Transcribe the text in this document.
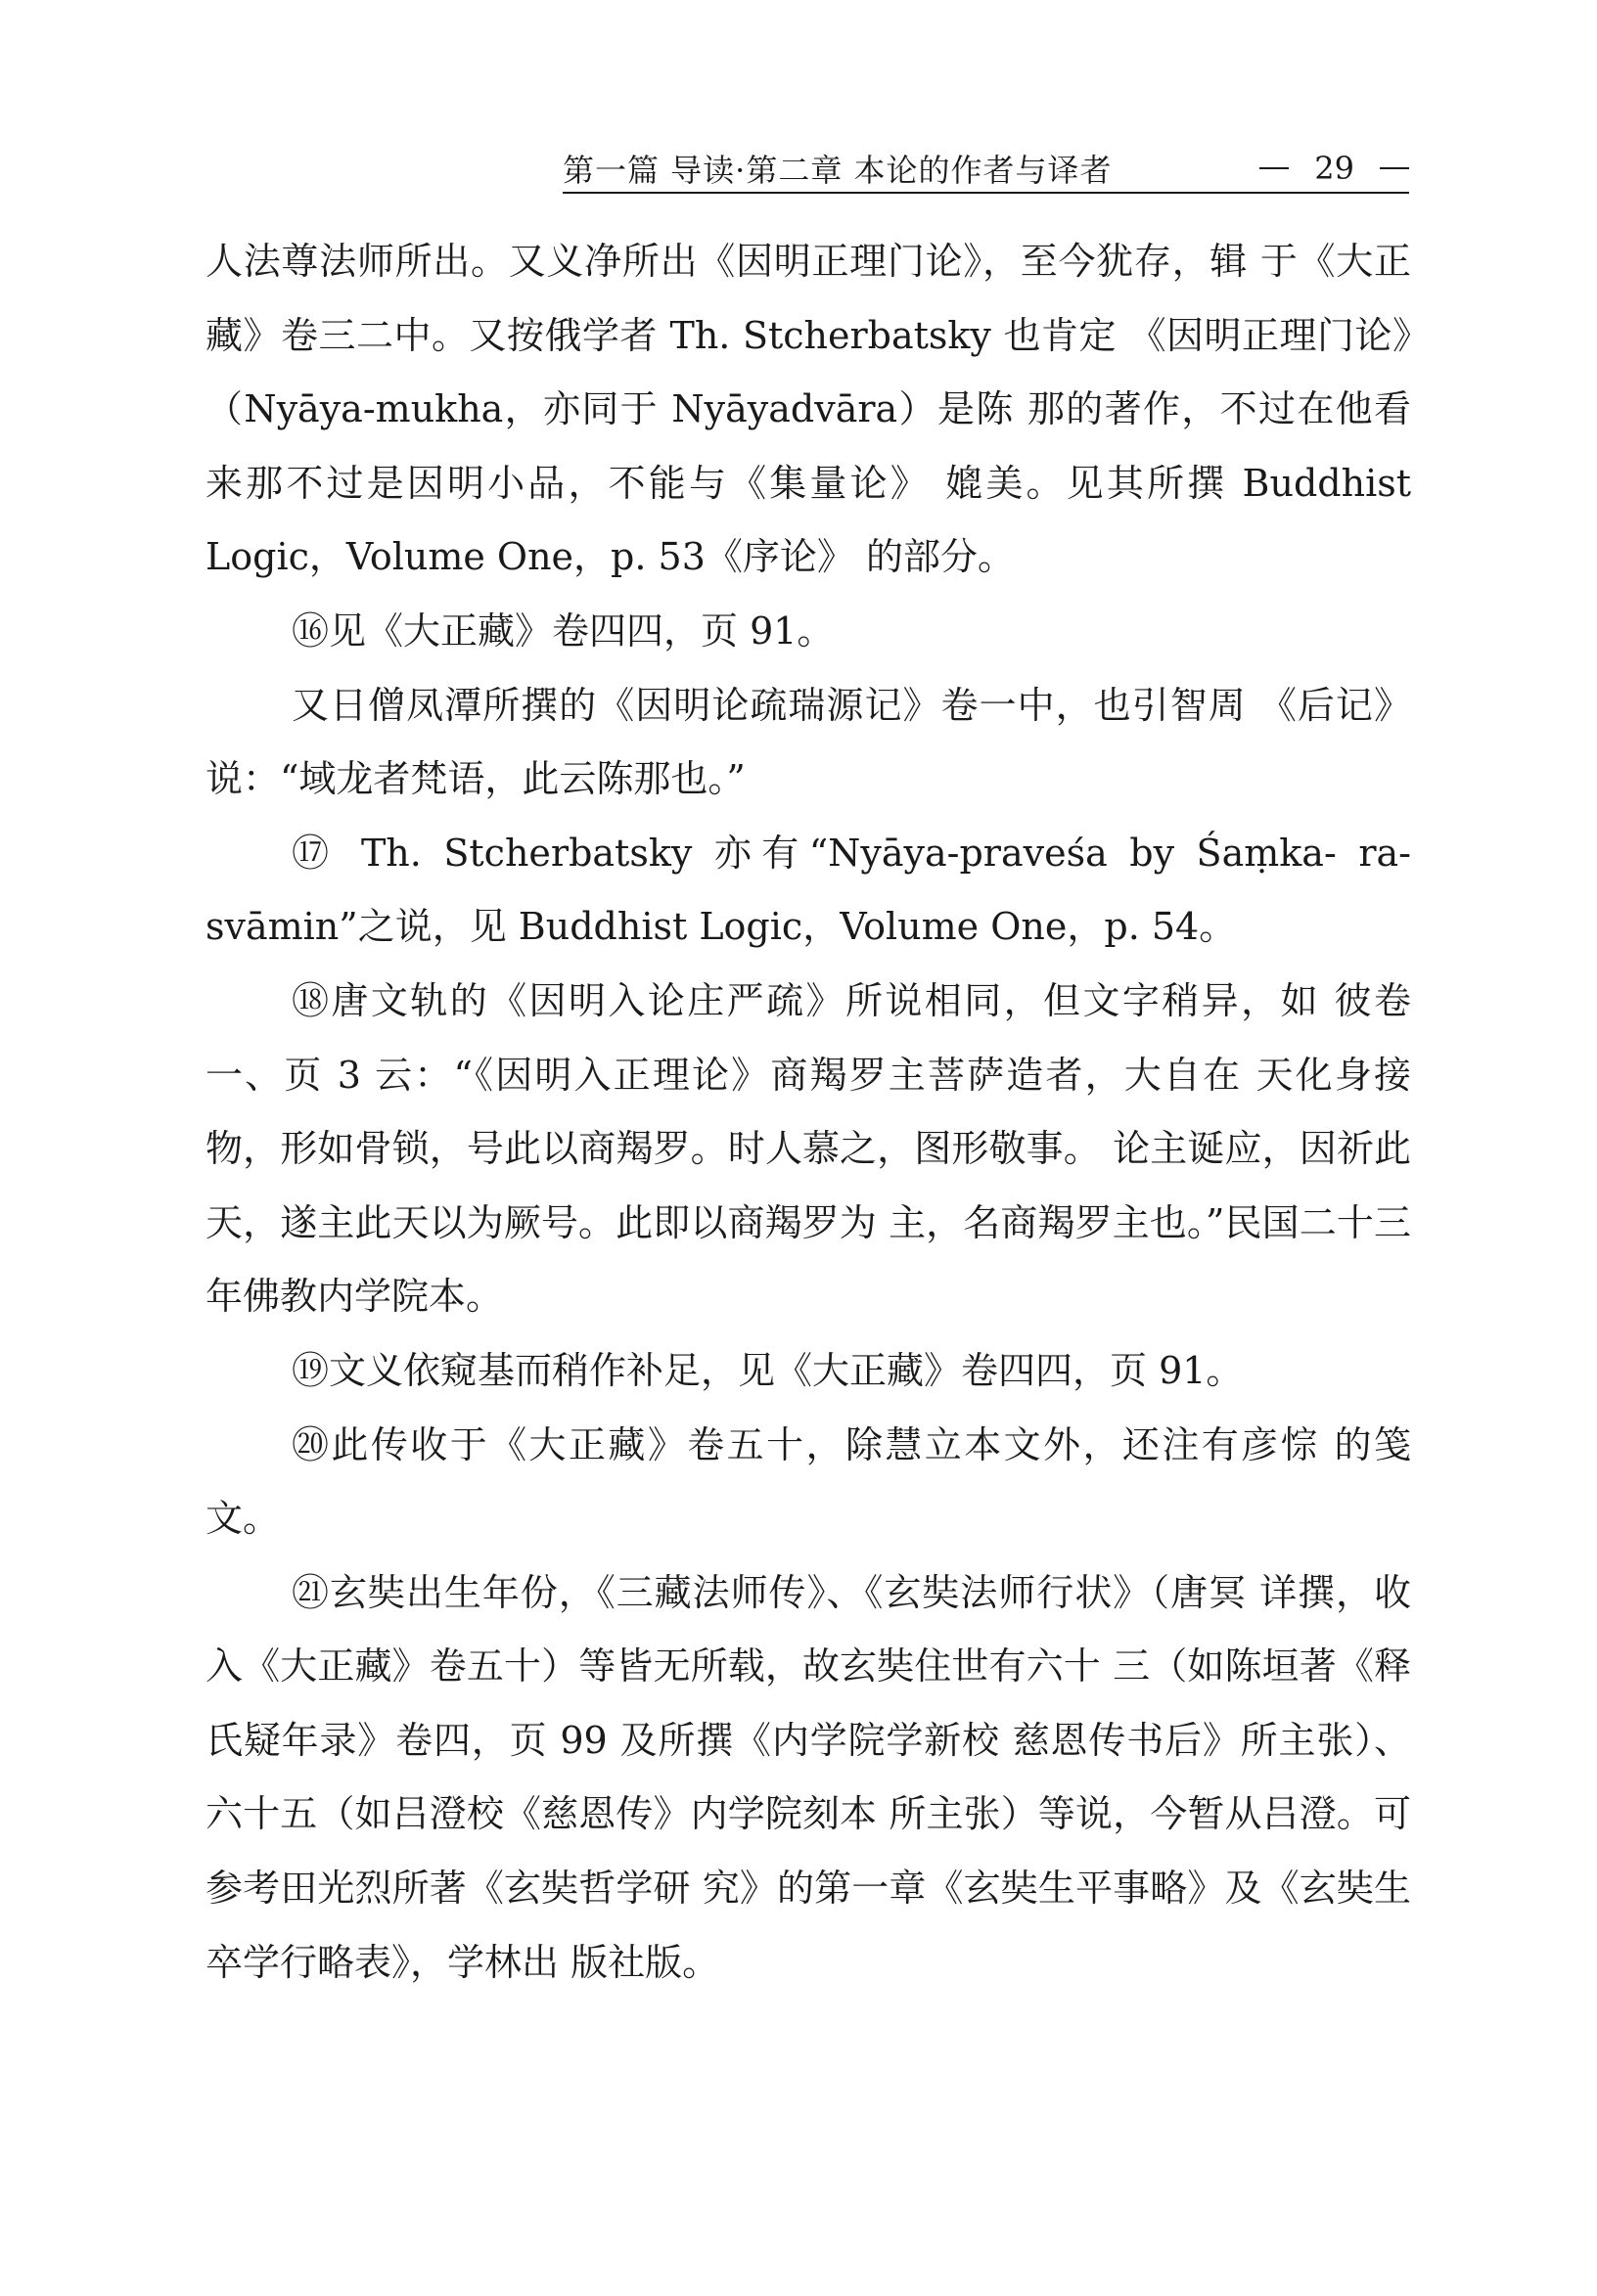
第一篇 导读·第二章 本论的作者与译者	29

人法尊法师所出。又义净所出《因明正理门论》，至今犹存，辑 于《大正藏》卷三二中。又按俄学者 Th. Stcherbatsky 也肯定 《因明正理门论》（Nyāya-mukha，亦同于 Nyāyadvāra）是陈 那的著作，不过在他看来那不过是因明小品，不能与《集量论》 媲美。见其所撰 Buddhist Logic，Volume One，p. 53《序论》 的部分。

⑯见《大正藏》卷四四，页 91。

又日僧凤潭所撰的《因明论疏瑞源记》卷一中，也引智周 《后记》说：“域龙者梵语，此云陈那也。”

⑰ Th. Stcherbatsky 亦有“Nyāya-praveśa by Śaṃka- ra-svāmin”之说，见 Buddhist Logic，Volume One，p. 54。

⑱唐文轨的《因明入论庄严疏》所说相同，但文字稍异，如 彼卷一、页 3 云：“《因明入正理论》商羯罗主菩萨造者，大自在 天化身接物，形如骨锁，号此以商羯罗。时人慕之，图形敬事。 论主诞应，因祈此天，遂主此天以为厥号。此即以商羯罗为 主，名商羯罗主也。”民国二十三年佛教内学院本。

⑲文义依窥基而稍作补足，见《大正藏》卷四四，页 91。

⑳此传收于《大正藏》卷五十，除慧立本文外，还注有彦悰 的笺文。

㉑玄奘出生年份，《三藏法师传》、《玄奘法师行状》（唐冥 详撰，收入《大正藏》卷五十）等皆无所载，故玄奘住世有六十 三（如陈垣著《释氏疑年录》卷四，页 99 及所撰《内学院学新校 慈恩传书后》所主张）、六十五（如吕澄校《慈恩传》内学院刻本 所主张）等说，今暂从吕澄。可参考田光烈所著《玄奘哲学研 究》的第一章《玄奘生平事略》及《玄奘生卒学行略表》，学林出 版社版。
